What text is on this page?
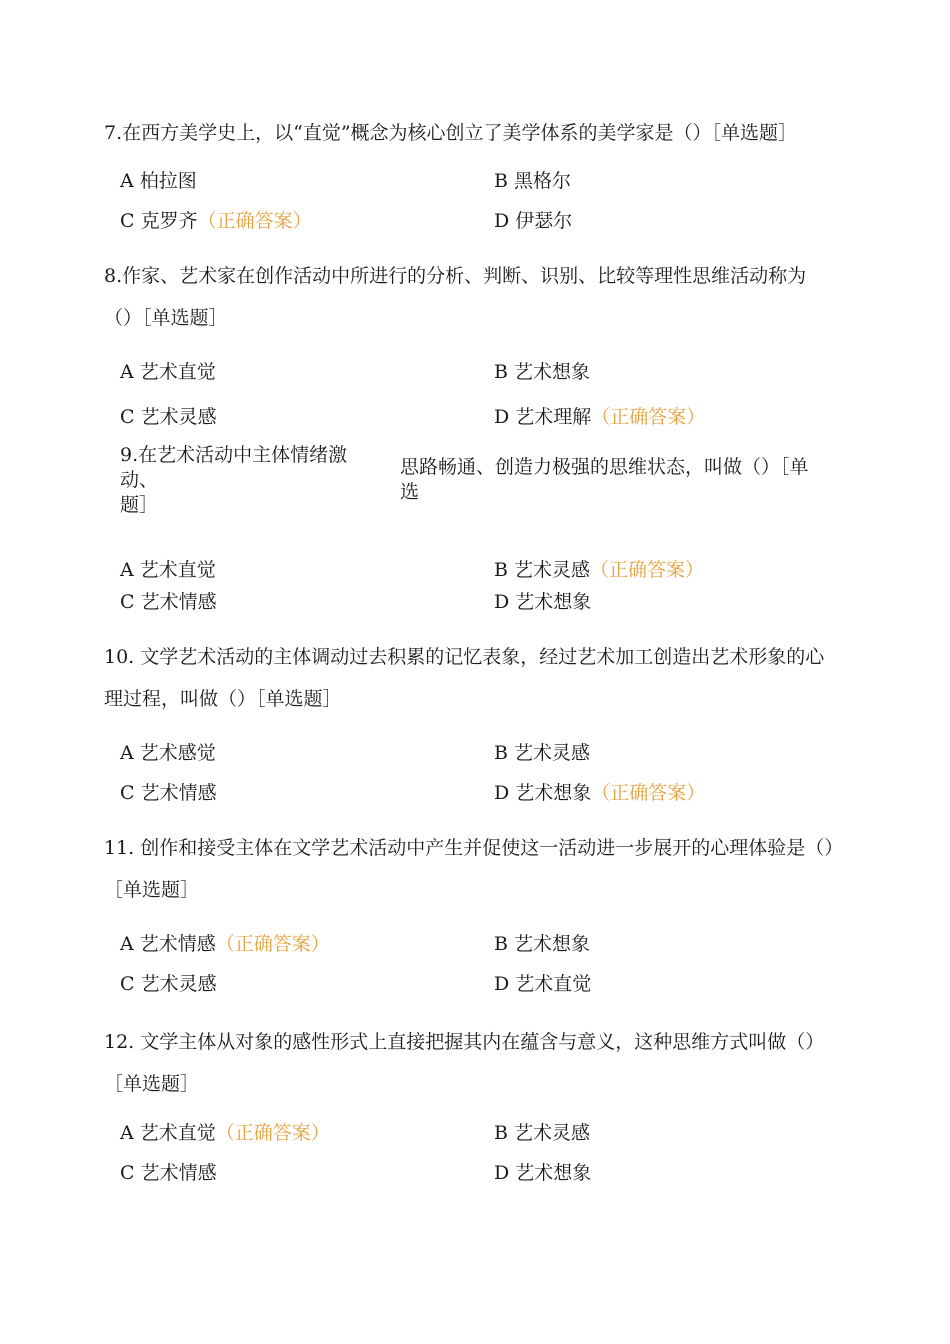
7.在西方美学史上，以“直觉”概念为核心创立了美学体系的美学家是（）［单选题］
A 柏拉图	B 黑格尔
C 克罗齐（正确答案）	D 伊瑟尔
8.作家、艺术家在创作活动中所进行的分析、判断、识别、比较等理性思维活动称为（）［单选题］
A 艺术直觉	B 艺术想象
C 艺术灵感	D 艺术理解（正确答案）
9.在艺术活动中主体情绪激动、
题］
思路畅通、创造力极强的思维状态，叫做（）［单选
A 艺术直觉	B 艺术灵感（正确答案）
C 艺术情感	D 艺术想象
10. 文学艺术活动的主体调动过去积累的记忆表象，经过艺术加工创造出艺术形象的心理过程，叫做（）［单选题］
A 艺术感觉	B 艺术灵感
C 艺术情感	D 艺术想象（正确答案）
11. 创作和接受主体在文学艺术活动中产生并促使这一活动进一步展开的心理体验是（）［单选题］
A 艺术情感（正确答案）	B 艺术想象
C 艺术灵感	D 艺术直觉
12. 文学主体从对象的感性形式上直接把握其内在蕴含与意义，这种思维方式叫做（）［单选题］
A 艺术直觉（正确答案）	B 艺术灵感
C 艺术情感	D 艺术想象
